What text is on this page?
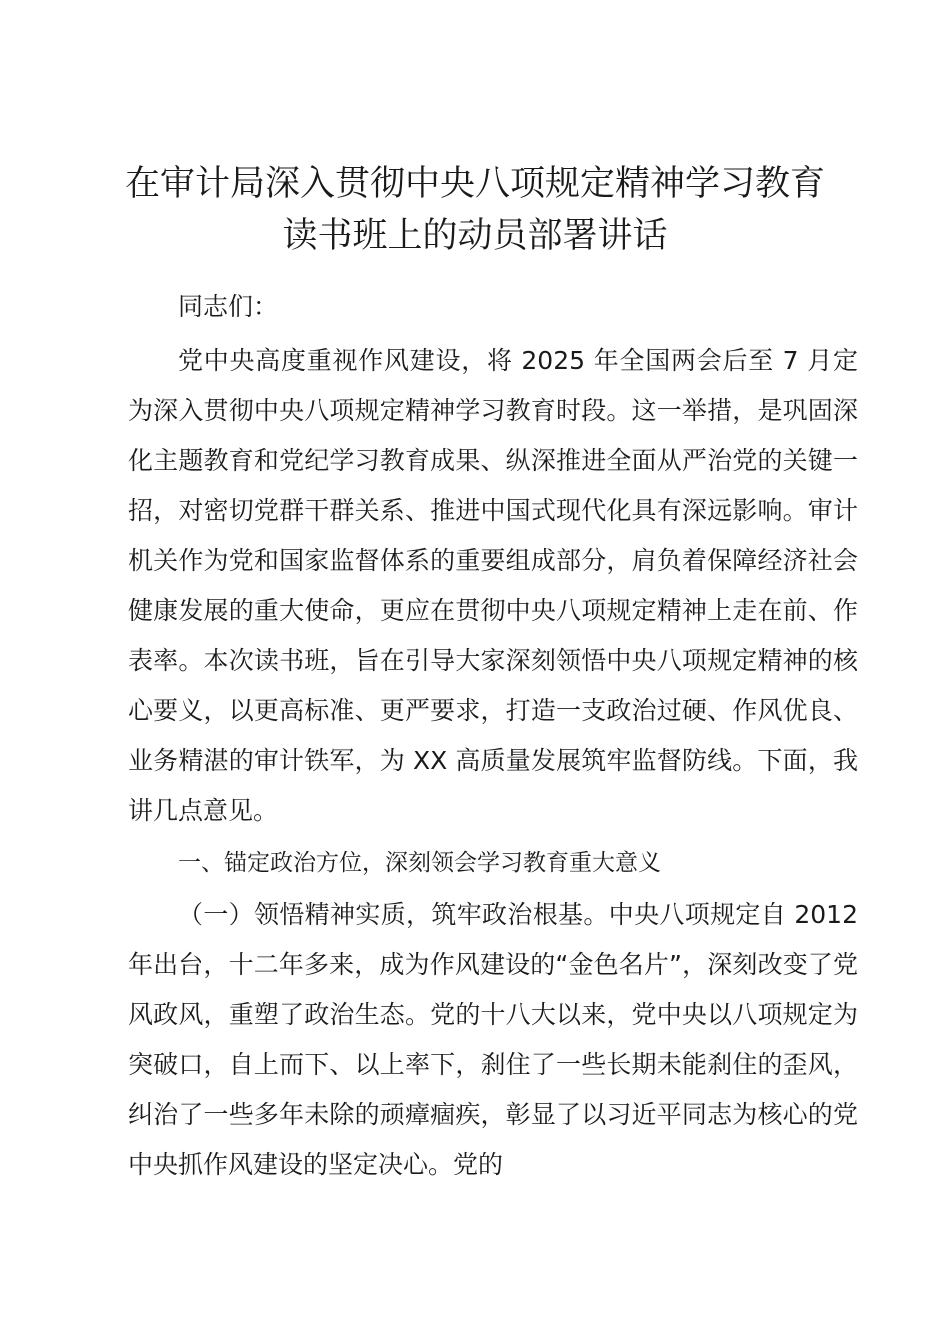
在审计局深入贯彻中央八项规定精神学习教育
读书班上的动员部署讲话

同志们：

党中央高度重视作风建设，将 2025 年全国两会后至 7 月定为深入贯彻中央八项规定精神学习教育时段。这一举措，是巩固深化主题教育和党纪学习教育成果、纵深推进全面从严治党的关键一招，对密切党群干群关系、推进中国式现代化具有深远影响。审计机关作为党和国家监督体系的重要组成部分，肩负着保障经济社会健康发展的重大使命，更应在贯彻中央八项规定精神上走在前、作表率。本次读书班，旨在引导大家深刻领悟中央八项规定精神的核心要义，以更高标准、更严要求，打造一支政治过硬、作风优良、业务精湛的审计铁军，为 XX 高质量发展筑牢监督防线。下面，我讲几点意见。

一、锚定政治方位，深刻领会学习教育重大意义

（一）领悟精神实质，筑牢政治根基。中央八项规定自 2012 年出台，十二年多来，成为作风建设的“金色名片”，深刻改变了党风政风，重塑了政治生态。党的十八大以来，党中央以八项规定为突破口，自上而下、以上率下，刹住了一些长期未能刹住的歪风，纠治了一些多年未除的顽瘴痼疾，彰显了以习近平同志为核心的党中央抓作风建设的坚定决心。党的
